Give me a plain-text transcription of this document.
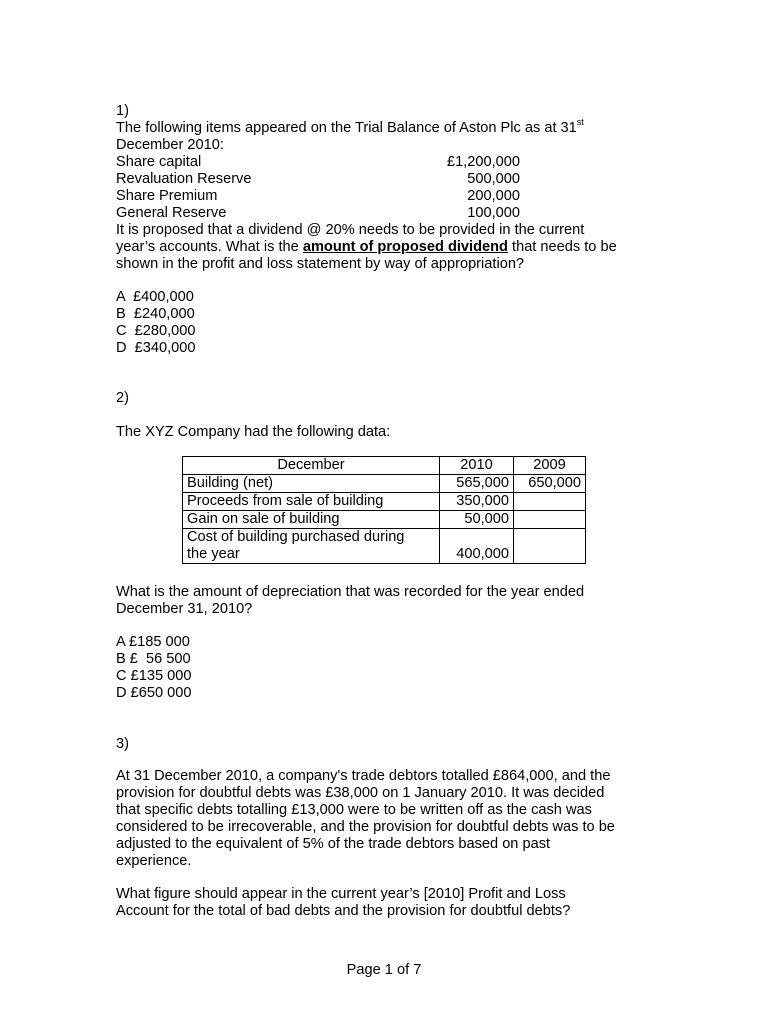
1)
The following items appeared on the Trial Balance of Aston Plc as at 31st
December 2010:
Share capital	£1,200,000
Revaluation Reserve	500,000
Share Premium	200,000
General Reserve	100,000
It is proposed that a dividend @ 20% needs to be provided in the current
year’s accounts. What is the amount of proposed dividend that needs to be
shown in the profit and loss statement by way of appropriation?
A  £400,000
B  £240,000
C  £280,000
D  £340,000
2)
The XYZ Company had the following data:
December	2010	2009
Building (net)	565,000	650,000
Proceeds from sale of building	350,000	
Gain on sale of building	50,000	

Cost of building purchased during
the year	400,000	
What is the amount of depreciation that was recorded for the year ended
December 31, 2010?
A £185 000
B £  56 500
C £135 000
D £650 000
3)
At 31 December 2010, a company's trade debtors totalled £864,000, and the
provision for doubtful debts was £38,000 on 1 January 2010. It was decided
that specific debts totalling £13,000 were to be written off as the cash was
considered to be irrecoverable, and the provision for doubtful debts was to be
adjusted to the equivalent of 5% of the trade debtors based on past
experience.
What figure should appear in the current year’s [2010] Profit and Loss
Account for the total of bad debts and the provision for doubtful debts?
Page 1 of 7
